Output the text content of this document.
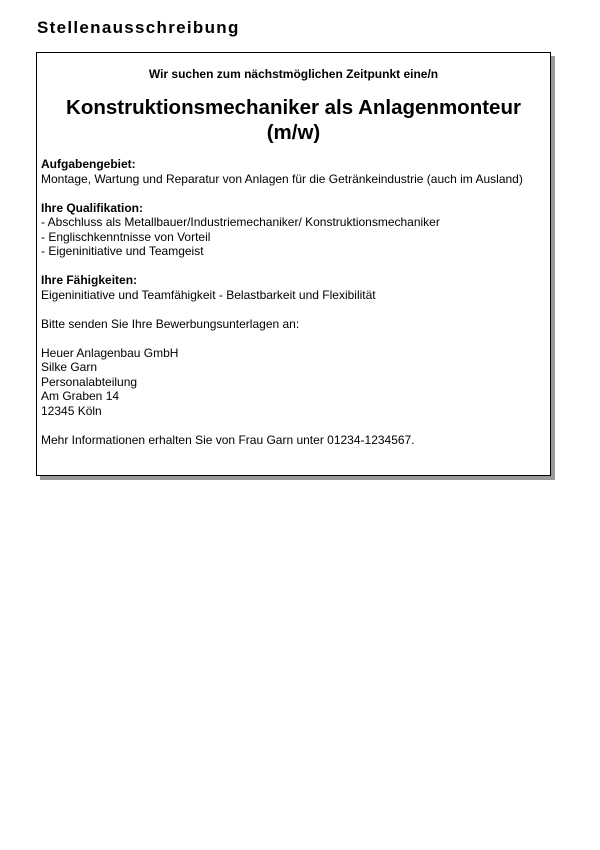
Stellenausschreibung
Wir suchen zum nächstmöglichen Zeitpunkt eine/n
Konstruktionsmechaniker als Anlagenmonteur
(m/w)
Aufgabengebiet:
Montage, Wartung und Reparatur von Anlagen für die Getränkeindustrie (auch im Ausland)
Ihre Qualifikation:
- Abschluss als Metallbauer/Industriemechaniker/ Konstruktionsmechaniker
- Englischkenntnisse von Vorteil
- Eigeninitiative und Teamgeist
Ihre Fähigkeiten:
Eigeninitiative und Teamfähigkeit - Belastbarkeit und Flexibilität
Bitte senden Sie Ihre Bewerbungsunterlagen an:
Heuer Anlagenbau GmbH
Silke Garn
Personalabteilung
Am Graben 14
12345 Köln
Mehr Informationen erhalten Sie von Frau Garn unter 01234-1234567.
